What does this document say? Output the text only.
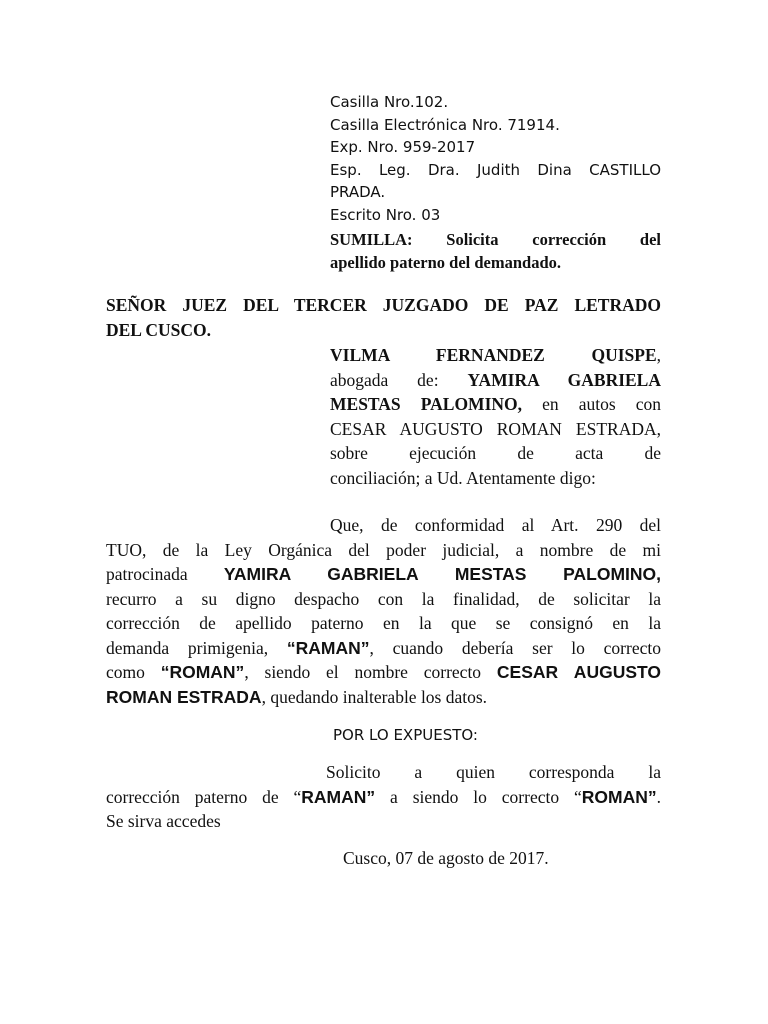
Casilla Nro.102.
Casilla Electrónica Nro. 71914.
Exp. Nro. 959-2017
Esp. Leg. Dra. Judith Dina CASTILLO
PRADA.
Escrito Nro. 03
SUMILLA: Solicita corrección del
apellido paterno del demandado.
SEÑOR JUEZ DEL TERCER JUZGADO DE PAZ LETRADO
DEL CUSCO.
VILMA FERNANDEZ QUISPE,
abogada de: YAMIRA GABRIELA
MESTAS PALOMINO, en autos con
CESAR AUGUSTO ROMAN ESTRADA,
sobre ejecución de acta de
conciliación; a Ud. Atentamente digo:
Que, de conformidad al Art. 290 del
TUO, de la Ley Orgánica del poder judicial, a nombre de mi
patrocinada YAMIRA GABRIELA MESTAS PALOMINO,
recurro a su digno despacho con la finalidad, de solicitar la
corrección de apellido paterno en la que se consignó en la
demanda primigenia, “RAMAN”, cuando debería ser lo correcto
como “ROMAN”, siendo el nombre correcto CESAR AUGUSTO
ROMAN ESTRADA, quedando inalterable los datos.
POR LO EXPUESTO:
Solicito a quien corresponda la
corrección paterno de “RAMAN” a siendo lo correcto “ROMAN”.
Se sirva accedes
Cusco, 07 de agosto de 2017.
